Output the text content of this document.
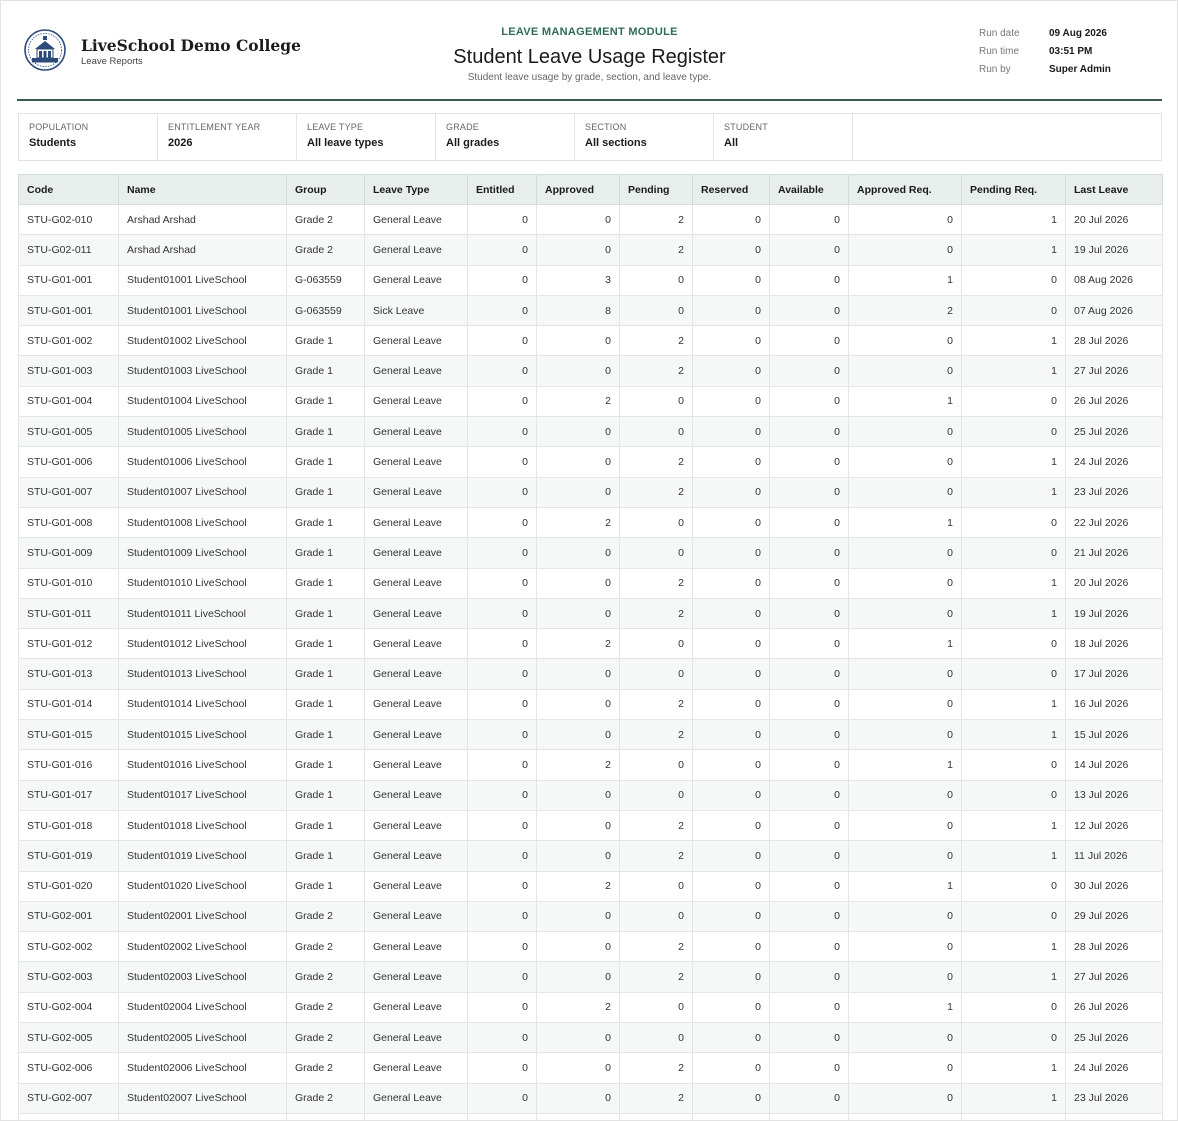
LiveSchool Demo College
Leave Reports
LEAVE MANAGEMENT MODULE
Student Leave Usage Register
Student leave usage by grade, section, and leave type.
Run date	09 Aug 2026
Run time	03:51 PM
Run by	Super Admin
POPULATION
Students
ENTITLEMENT YEAR
2026
LEAVE TYPE
All leave types
GRADE
All grades
SECTION
All sections
STUDENT
All
Code	Name	Group	Leave Type	Entitled	Approved	Pending	Reserved	Available	Approved Req.	Pending Req.	Last Leave
STU-G02-010	Arshad Arshad	Grade 2	General Leave	0	0	2	0	0	0	1	20 Jul 2026
STU-G02-011	Arshad Arshad	Grade 2	General Leave	0	0	2	0	0	0	1	19 Jul 2026
STU-G01-001	Student01001 LiveSchool	G-063559	General Leave	0	3	0	0	0	1	0	08 Aug 2026
STU-G01-001	Student01001 LiveSchool	G-063559	Sick Leave	0	8	0	0	0	2	0	07 Aug 2026
STU-G01-002	Student01002 LiveSchool	Grade 1	General Leave	0	0	2	0	0	0	1	28 Jul 2026
STU-G01-003	Student01003 LiveSchool	Grade 1	General Leave	0	0	2	0	0	0	1	27 Jul 2026
STU-G01-004	Student01004 LiveSchool	Grade 1	General Leave	0	2	0	0	0	1	0	26 Jul 2026
STU-G01-005	Student01005 LiveSchool	Grade 1	General Leave	0	0	0	0	0	0	0	25 Jul 2026
STU-G01-006	Student01006 LiveSchool	Grade 1	General Leave	0	0	2	0	0	0	1	24 Jul 2026
STU-G01-007	Student01007 LiveSchool	Grade 1	General Leave	0	0	2	0	0	0	1	23 Jul 2026
STU-G01-008	Student01008 LiveSchool	Grade 1	General Leave	0	2	0	0	0	1	0	22 Jul 2026
STU-G01-009	Student01009 LiveSchool	Grade 1	General Leave	0	0	0	0	0	0	0	21 Jul 2026
STU-G01-010	Student01010 LiveSchool	Grade 1	General Leave	0	0	2	0	0	0	1	20 Jul 2026
STU-G01-011	Student01011 LiveSchool	Grade 1	General Leave	0	0	2	0	0	0	1	19 Jul 2026
STU-G01-012	Student01012 LiveSchool	Grade 1	General Leave	0	2	0	0	0	1	0	18 Jul 2026
STU-G01-013	Student01013 LiveSchool	Grade 1	General Leave	0	0	0	0	0	0	0	17 Jul 2026
STU-G01-014	Student01014 LiveSchool	Grade 1	General Leave	0	0	2	0	0	0	1	16 Jul 2026
STU-G01-015	Student01015 LiveSchool	Grade 1	General Leave	0	0	2	0	0	0	1	15 Jul 2026
STU-G01-016	Student01016 LiveSchool	Grade 1	General Leave	0	2	0	0	0	1	0	14 Jul 2026
STU-G01-017	Student01017 LiveSchool	Grade 1	General Leave	0	0	0	0	0	0	0	13 Jul 2026
STU-G01-018	Student01018 LiveSchool	Grade 1	General Leave	0	0	2	0	0	0	1	12 Jul 2026
STU-G01-019	Student01019 LiveSchool	Grade 1	General Leave	0	0	2	0	0	0	1	11 Jul 2026
STU-G01-020	Student01020 LiveSchool	Grade 1	General Leave	0	2	0	0	0	1	0	30 Jul 2026
STU-G02-001	Student02001 LiveSchool	Grade 2	General Leave	0	0	0	0	0	0	0	29 Jul 2026
STU-G02-002	Student02002 LiveSchool	Grade 2	General Leave	0	0	2	0	0	0	1	28 Jul 2026
STU-G02-003	Student02003 LiveSchool	Grade 2	General Leave	0	0	2	0	0	0	1	27 Jul 2026
STU-G02-004	Student02004 LiveSchool	Grade 2	General Leave	0	2	0	0	0	1	0	26 Jul 2026
STU-G02-005	Student02005 LiveSchool	Grade 2	General Leave	0	0	0	0	0	0	0	25 Jul 2026
STU-G02-006	Student02006 LiveSchool	Grade 2	General Leave	0	0	2	0	0	0	1	24 Jul 2026
STU-G02-007	Student02007 LiveSchool	Grade 2	General Leave	0	0	2	0	0	0	1	23 Jul 2026
